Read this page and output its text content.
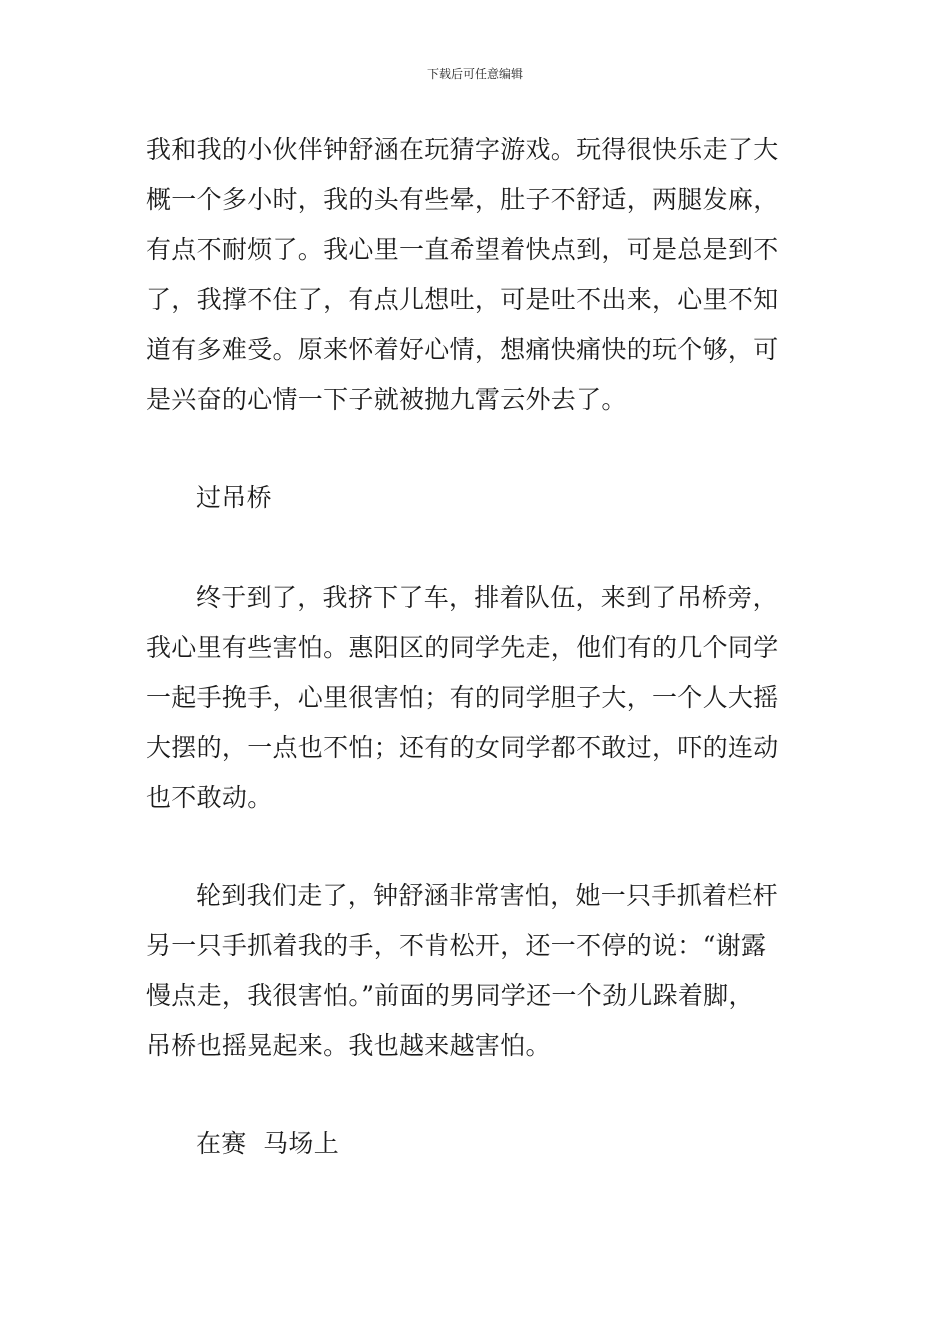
下载后可任意编辑
我和我的小伙伴钟舒涵在玩猜字游戏。玩得很快乐走了大
概一个多小时，我的头有些晕，肚子不舒适，两腿发麻，
有点不耐烦了。我心里一直希望着快点到，可是总是到不
了，我撑不住了，有点儿想吐，可是吐不出来，心里不知
道有多难受。原来怀着好心情，想痛快痛快的玩个够，可
是兴奋的心情一下子就被抛九霄云外去了。
过吊桥
终于到了，我挤下了车，排着队伍，来到了吊桥旁，
我心里有些害怕。惠阳区的同学先走，他们有的几个同学
一起手挽手，心里很害怕；有的同学胆子大，一个人大摇
大摆的，一点也不怕；还有的女同学都不敢过，吓的连动
也不敢动。
轮到我们走了，钟舒涵非常害怕，她一只手抓着栏杆
另一只手抓着我的手，不肯松开，还一不停的说：“谢露
慢点走，我很害怕。”前面的男同学还一个劲儿跺着脚，
吊桥也摇晃起来。我也越来越害怕。
在赛  马场上
